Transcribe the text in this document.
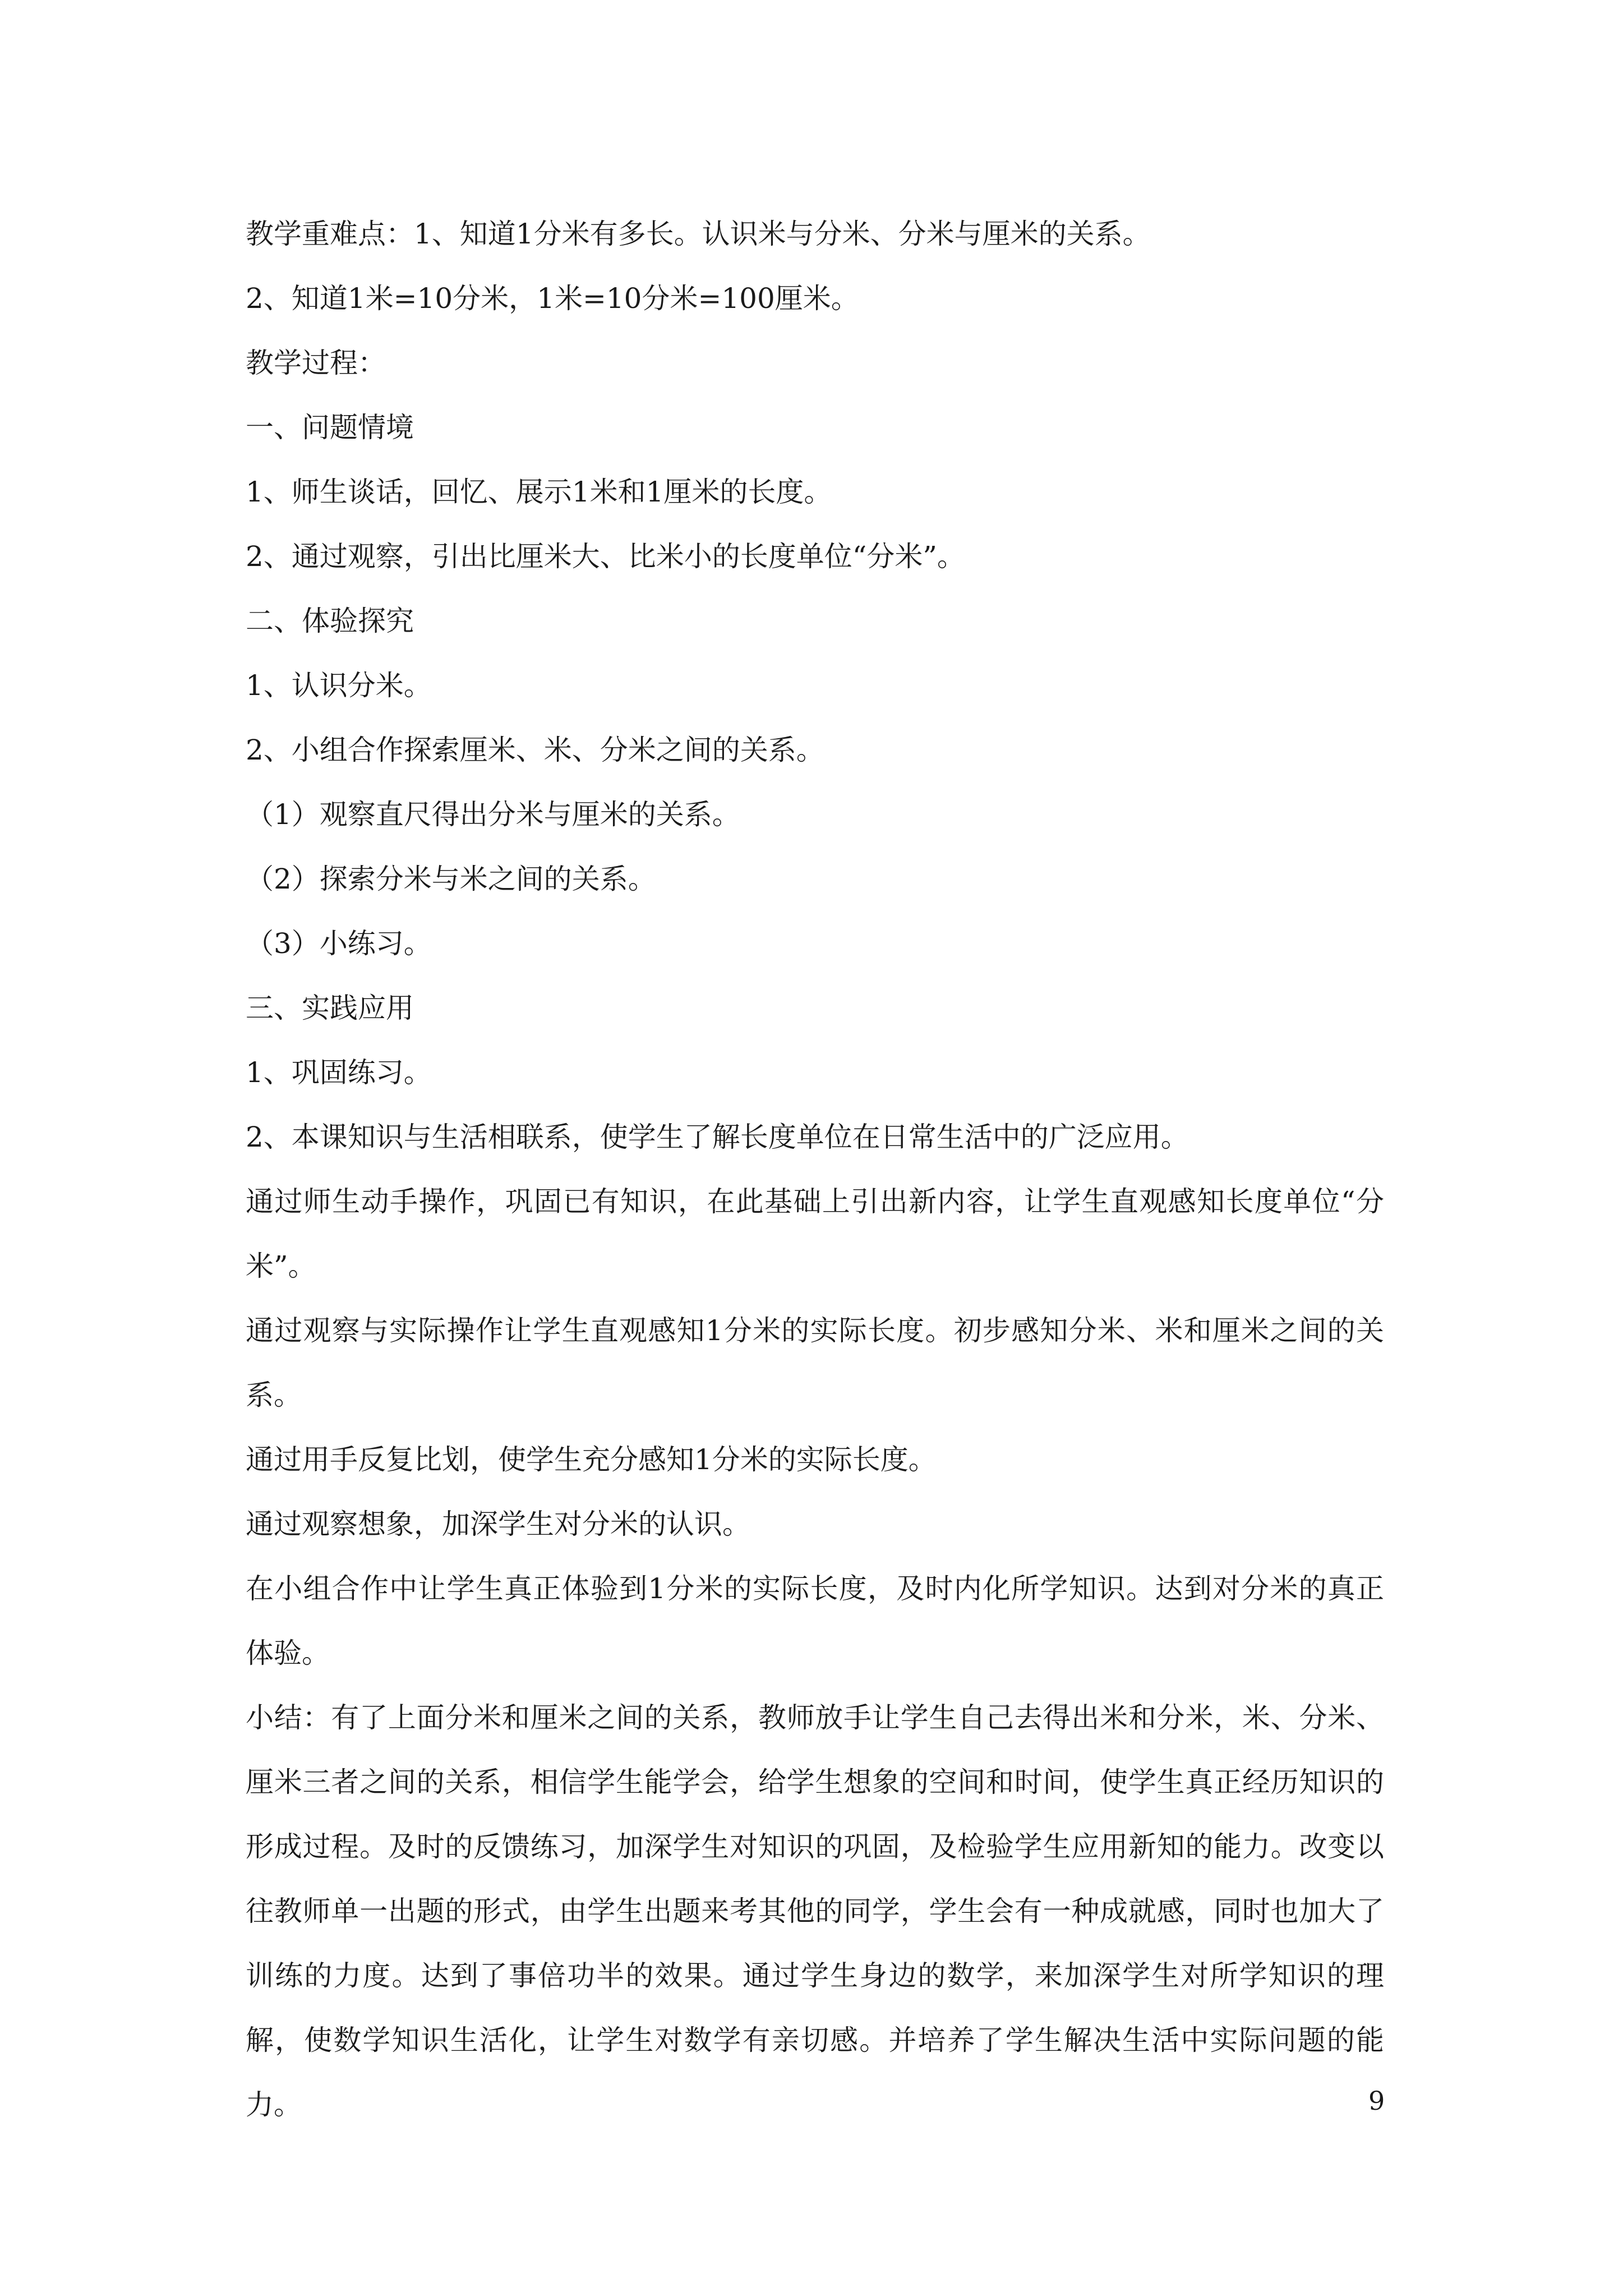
教学重难点：1、知道1分米有多长。认识米与分米、分米与厘米的关系。

2、知道1米=10分米，1米=10分米=100厘米。

教学过程：

一、问题情境

1、师生谈话，回忆、展示1米和1厘米的长度。

2、通过观察，引出比厘米大、比米小的长度单位“分米”。

二、体验探究

1、认识分米。

2、小组合作探索厘米、米、分米之间的关系。

（1）观察直尺得出分米与厘米的关系。

（2）探索分米与米之间的关系。

（3）小练习。

三、实践应用

1、巩固练习。

2、本课知识与生活相联系，使学生了解长度单位在日常生活中的广泛应用。

通过师生动手操作，巩固已有知识，在此基础上引出新内容，让学生直观感知长度单位“分米”。

通过观察与实际操作让学生直观感知1分米的实际长度。初步感知分米、米和厘米之间的关系。

通过用手反复比划，使学生充分感知1分米的实际长度。

通过观察想象，加深学生对分米的认识。

在小组合作中让学生真正体验到1分米的实际长度，及时内化所学知识。达到对分米的真正体验。

小结：有了上面分米和厘米之间的关系，教师放手让学生自己去得出米和分米，米、分米、厘米三者之间的关系，相信学生能学会，给学生想象的空间和时间，使学生真正经历知识的形成过程。及时的反馈练习，加深学生对知识的巩固，及检验学生应用新知的能力。改变以往教师单一出题的形式，由学生出题来考其他的同学，学生会有一种成就感，同时也加大了训练的力度。达到了事倍功半的效果。通过学生身边的数学，来加深学生对所学知识的理解，使数学知识生活化，让学生对数学有亲切感。并培养了学生解决生活中实际问题的能力。	9
